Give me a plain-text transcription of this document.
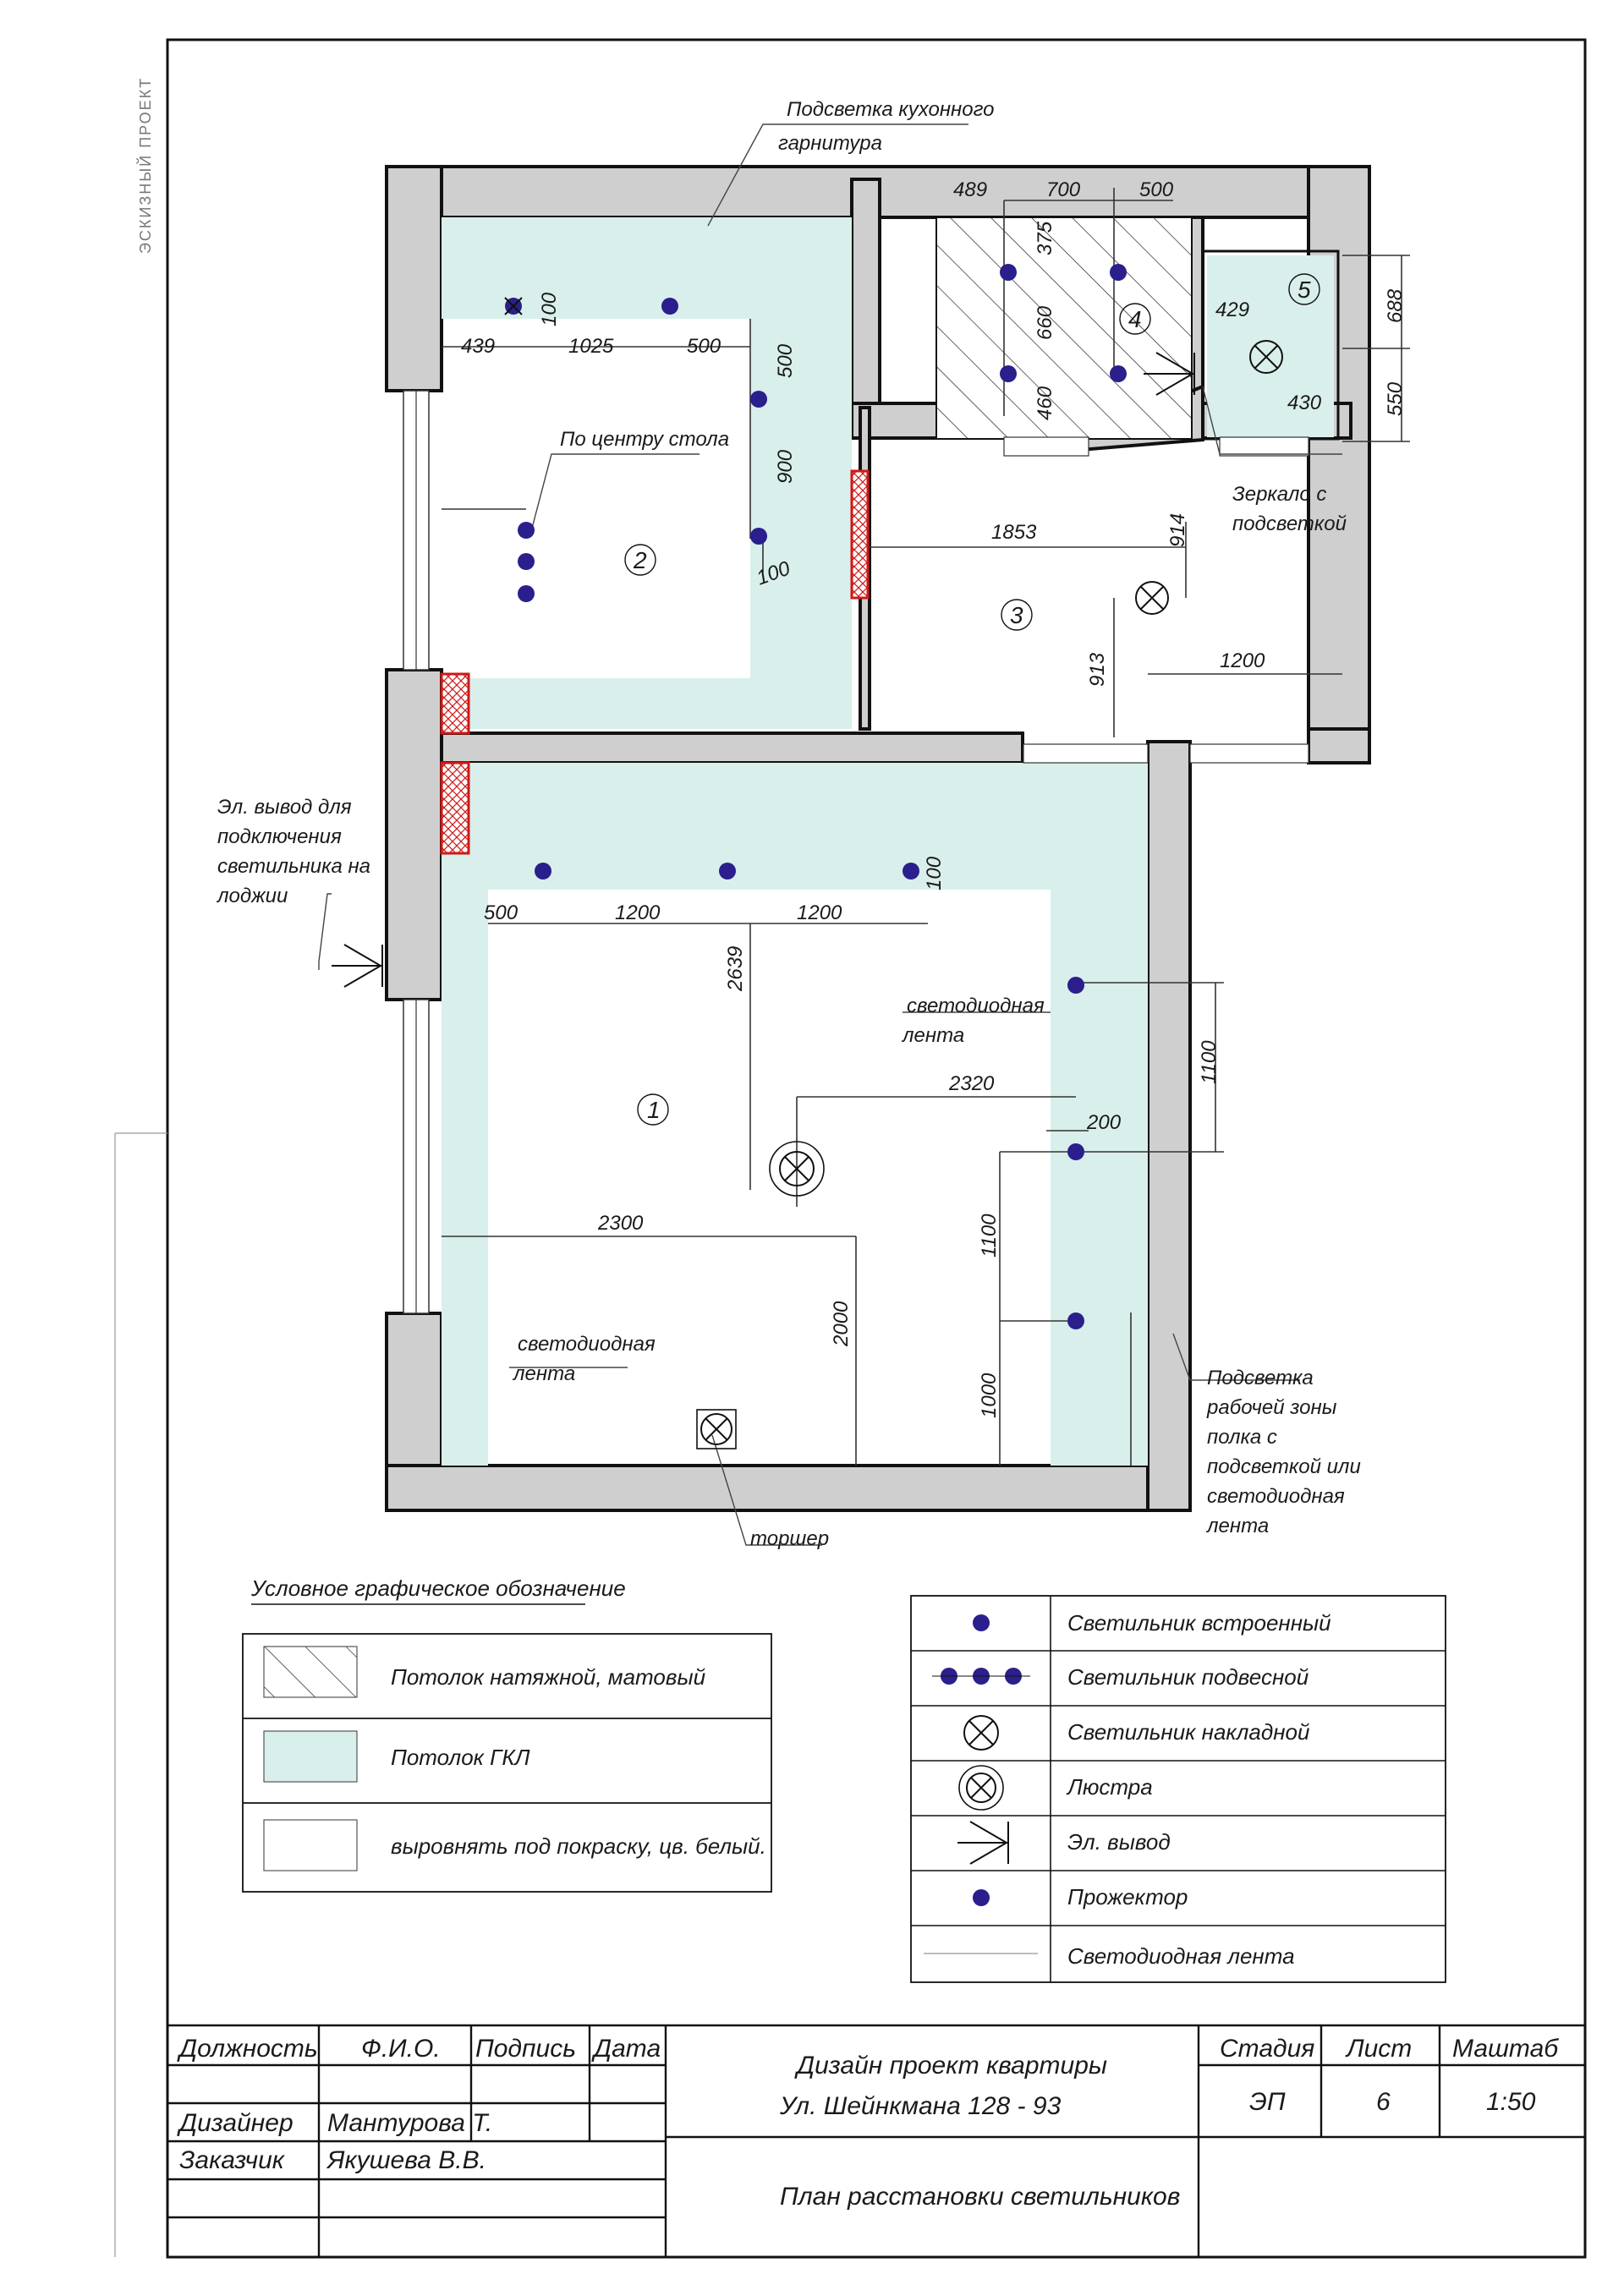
ЭСКИЗНЫЙ ПРОЕКТ
2
3
4
5
1
439	1025	500
100
500
900
100
489	700	500
375
660
460
429
430
688
550
1853	914
913	1200
500	1200	1200
100
2639
2320
200
1100
2300	1100
2000
1000
Подсветка кухонного
гарнитура
По центру стола
Зеркало с
подсветкой
Эл. вывод для
подключения
светильника на
лоджии
светодиодная
лента
светодиодная
лента	Подсветка
рабочей зоны
полка с
подсветкой или
светодиодная
лента
торшер
Условное графическое обозначение
Потолок натяжной, матовый
Потолок ГКЛ
выровнять под покраску, цв. белый.
Светильник встроенный
Светильник подвесной
Светильник накладной
Люстра
Эл. вывод
Прожектор
Светодиодная лента
Должность Ф.И.О. Подпись Дата
Дизайнер Мантурова Т.
Заказчик Якушева В.В.
Дизайн проект квартиры
Ул. Шейнкмана 128 - 93
План расстановки светильников
Стадия Лист Маштаб
ЭП	6	1:50
